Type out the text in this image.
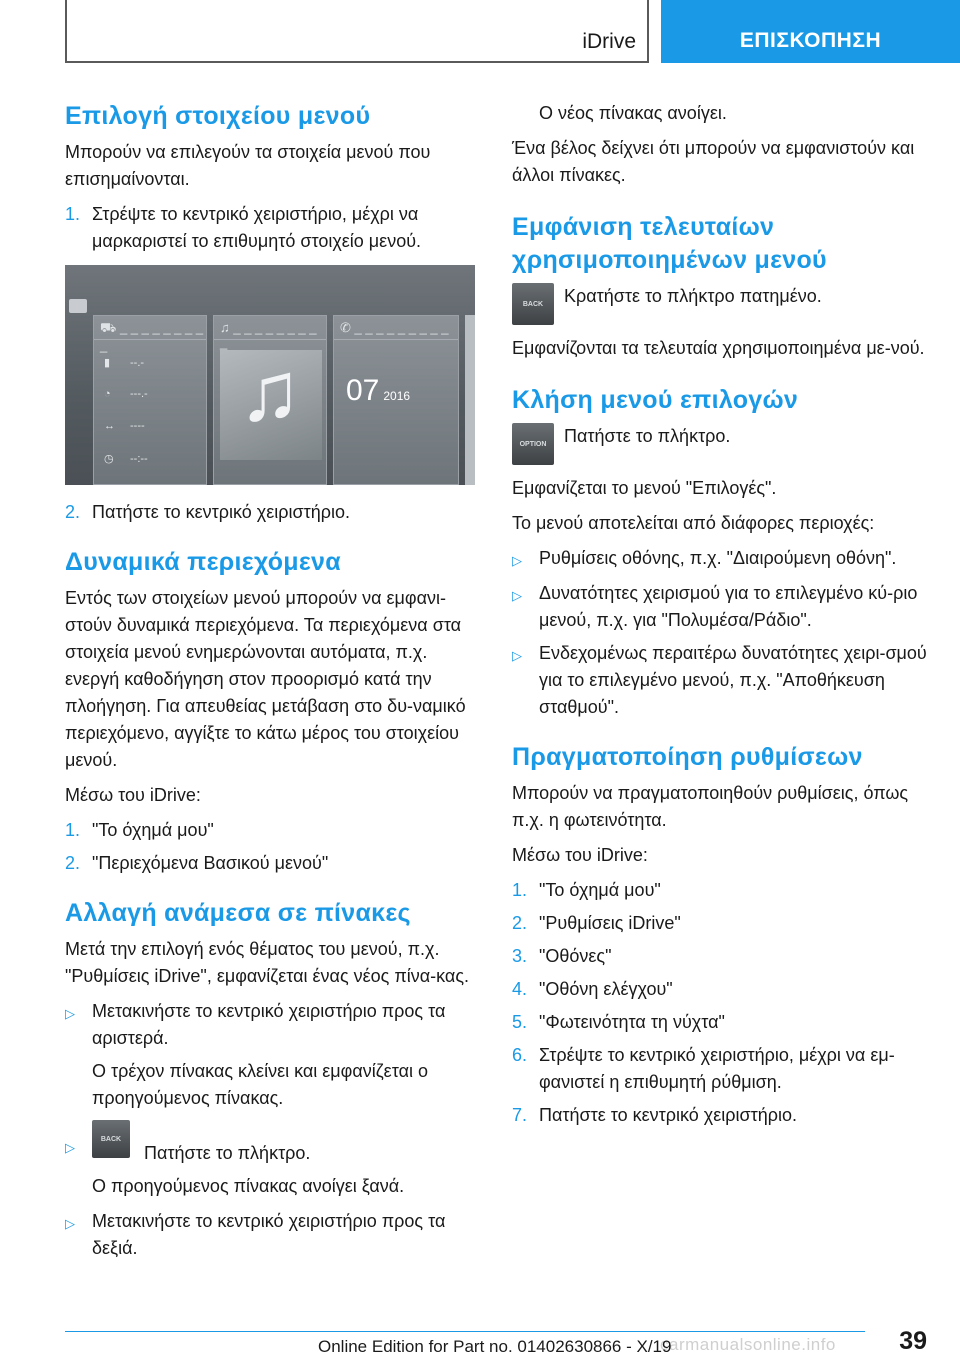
iDrive	ΕΠΙΣΚΟΠΗΣΗ
Επιλογή στοιχείου μενού

Μπορούν να επιλεγούν τα στοιχεία μενού που επισημαίνονται.

1. Στρέψτε το κεντρικό χειριστήριο, μέχρι να μαρκαριστεί το επιθυμητό στοιχείο μενού.
⛟ _ _ _ _ _ _ _ _ _
▮ --.-
◔ ---.-
↔ ----
◷ --:--
♫ _ _ _ _ _ _ _ _ _
♫
✆ _ _ _ _ _ _ _ _ _
07 2016
2. Πατήστε το κεντρικό χειριστήριο.
Δυναμικά περιεχόμενα

Εντός των στοιχείων μενού μπορούν να εμφανι-στούν δυναμικά περιεχόμενα. Τα περιεχόμενα στα στοιχεία μενού ενημερώνονται αυτόματα, π.χ. ενεργή καθοδήγηση στον προορισμό κατά την πλοήγηση. Για απευθείας μετάβαση στο δυ-ναμικό περιεχόμενο, αγγίξτε το κάτω μέρος του στοιχείου μενού.

Μέσω του iDrive:

1. "Το όχημά μου"
2. "Περιεχόμενα Βασικού μενού"
Αλλαγή ανάμεσα σε πίνακες

Μετά την επιλογή ενός θέματος του μενού, π.χ. "Ρυθμίσεις iDrive", εμφανίζεται ένας νέος πίνα-κας.

▷ Μετακινήστε το κεντρικό χειριστήριο προς τα αριστερά.
Ο τρέχον πίνακας κλείνει και εμφανίζεται ο προηγούμενος πίνακας.
▷
BACK
Πατήστε το πλήκτρο.
Ο προηγούμενος πίνακας ανοίγει ξανά.
▷ Μετακινήστε το κεντρικό χειριστήριο προς τα δεξιά.

Ο νέος πίνακας ανοίγει.

Ένα βέλος δείχνει ότι μπορούν να εμφανιστούν και άλλοι πίνακες.

Εμφάνιση τελευταίων χρησιμοποιημένων μενού
BACK	Κρατήστε το πλήκτρο πατημένο.

Εμφανίζονται τα τελευταία χρησιμοποιημένα με-νού.

Κλήση μενού επιλογών
OPTION Πατήστε το πλήκτρο.

Εμφανίζεται το μενού "Επιλογές".

Το μενού αποτελείται από διάφορες περιοχές:

▷ Ρυθμίσεις οθόνης, π.χ. "Διαιρούμενη οθόνη".
▷ Δυνατότητες χειρισμού για το επιλεγμένο κύ-ριο μενού, π.χ. για "Πολυμέσα/Ράδιο".
▷ Ενδεχομένως περαιτέρω δυνατότητες χειρι-σμού για το επιλεγμένο μενού, π.χ. "Αποθήκευση σταθμού".
Πραγματοποίηση ρυθμίσεων

Μπορούν να πραγματοποιηθούν ρυθμίσεις, όπως π.χ. η φωτεινότητα.

Μέσω του iDrive:

1. "Το όχημά μου"
2. "Ρυθμίσεις iDrive"
3. "Οθόνες"
4. "Οθόνη ελέγχου"
5. "Φωτεινότητα τη νύχτα"
6. Στρέψτε το κεντρικό χειριστήριο, μέχρι να εμ-φανιστεί η επιθυμητή ρύθμιση.
7. Πατήστε το κεντρικό χειριστήριο.
39
carmanualsonline.info
Online Edition for Part no. 01402630866 - X/19
